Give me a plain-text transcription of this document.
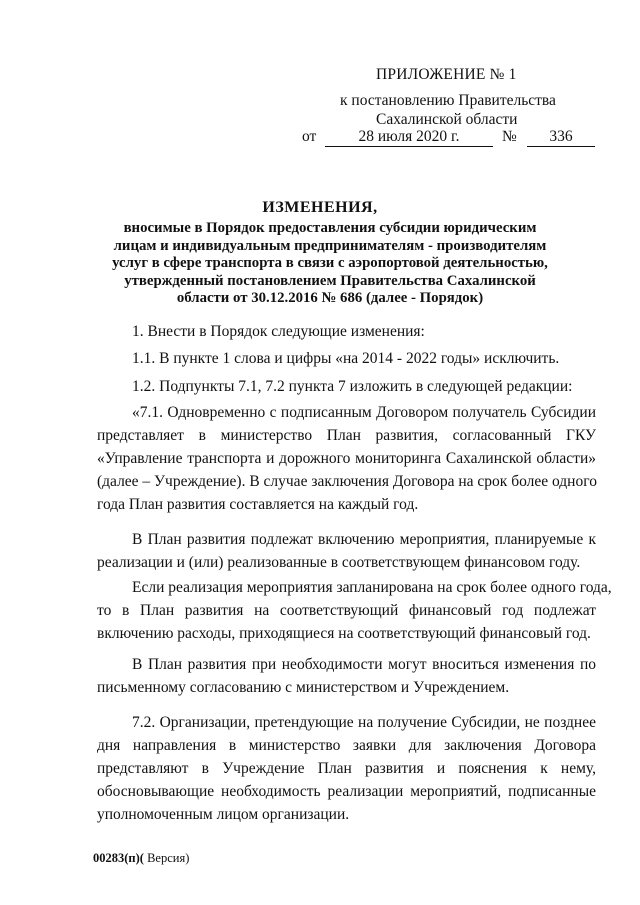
ПРИЛОЖЕНИЕ № 1
к постановлению Правительства
Сахалинской области
от	28 июля 2020 г.	№	336
ИЗМЕНЕНИЯ,
вносимые в Порядок предоставления субсидии юридическим
лицам и индивидуальным предпринимателям - производителям
услуг в сфере транспорта в связи с аэропортовой деятельностью,
утвержденный постановлением Правительства Сахалинской
области от 30.12.2016 № 686 (далее - Порядок)
1. Внести в Порядок следующие изменения:
1.1. В пункте 1 слова и цифры «на 2014 - 2022 годы» исключить.
1.2. Подпункты 7.1, 7.2 пункта 7 изложить в следующей редакции:
«7.1. Одновременно с подписанным Договором получатель Субсидии
представляет в министерство План развития, согласованный ГКУ
«Управление транспорта и дорожного мониторинга Сахалинской области»
(далее – Учреждение). В случае заключения Договора на срок более одного
года План развития составляется на каждый год.
В План развития подлежат включению мероприятия, планируемые к
реализации и (или) реализованные в соответствующем финансовом году.
Если реализация мероприятия запланирована на срок более одного года,
то в План развития на соответствующий финансовый год подлежат
включению расходы, приходящиеся на соответствующий финансовый год.
В План развития при необходимости могут вноситься изменения по
письменному согласованию с министерством и Учреждением.
7.2. Организации, претендующие на получение Субсидии, не позднее
дня направления в министерство заявки для заключения Договора
представляют в Учреждение План развития и пояснения к нему,
обосновывающие необходимость реализации мероприятий, подписанные
уполномоченным лицом организации.
00283(п)( Версия)
